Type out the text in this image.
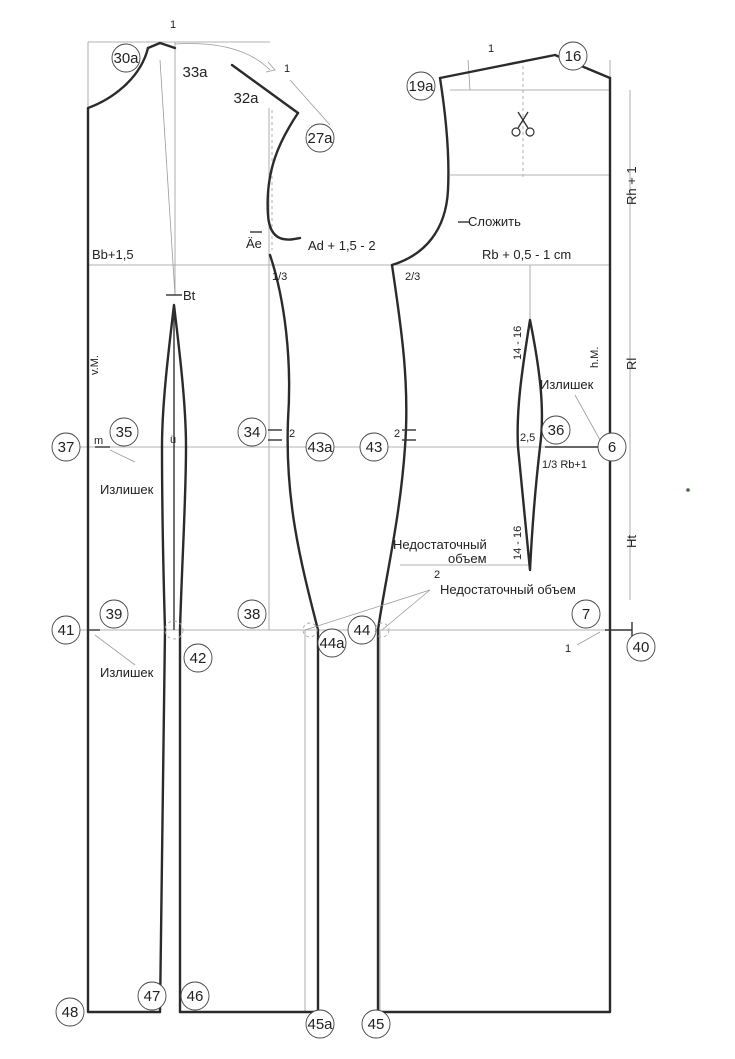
30a
33a
32a
27a
19a
16
37
35	34
43a 43
36
6
41
39
42
38
44a
44
7
40
48
47 46
45a 45
1
1
1
1
Bt
Bb+1,5
Äe	Ad + 1,5 - 2
1/3	2/3
Rb + 0,5 - 1 cm
Rh + 1
Сложить
v.M.	h.M. Rl
Ht
m	ü	2	2
2
2,5
14 - 16
14 - 16
1/3 Rb+1
Излишек
Излишек
Излишек
Недостаточный
объем
Недостаточный объем
